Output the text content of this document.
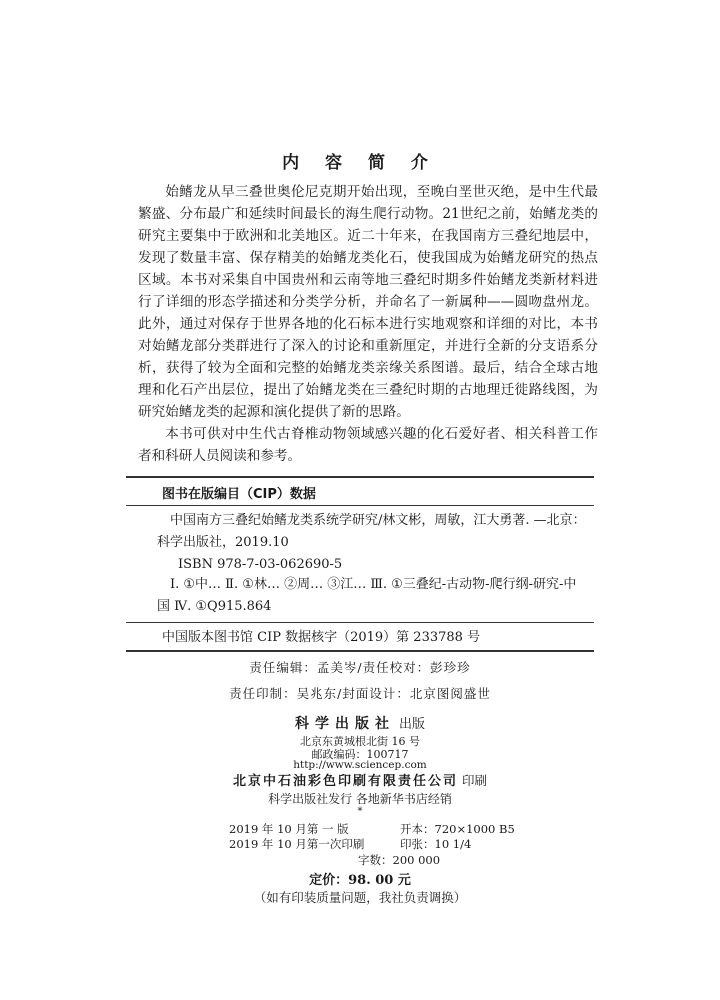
内 容 简 介

始鳍龙从早三叠世奥伦尼克期开始出现，至晚白垩世灭绝，是中生代最繁盛、分布最广和延续时间最长的海生爬行动物。21世纪之前，始鳍龙类的研究主要集中于欧洲和北美地区。近二十年来，在我国南方三叠纪地层中，发现了数量丰富、保存精美的始鳍龙类化石，使我国成为始鳍龙研究的热点区域。本书对采集自中国贵州和云南等地三叠纪时期多件始鳍龙类新材料进行了详细的形态学描述和分类学分析，并命名了一新属种——圆吻盘州龙。此外，通过对保存于世界各地的化石标本进行实地观察和详细的对比，本书对始鳍龙部分类群进行了深入的讨论和重新厘定，并进行全新的分支语系分析，获得了较为全面和完整的始鳍龙类亲缘关系图谱。最后，结合全球古地理和化石产出层位，提出了始鳍龙类在三叠纪时期的古地理迁徙路线图，为研究始鳍龙类的起源和演化提供了新的思路。

本书可供对中生代古脊椎动物领域感兴趣的化石爱好者、相关科普工作者和科研人员阅读和参考。

图书在版编目（CIP）数据

中国南方三叠纪始鳍龙类系统学研究/林文彬，周敏，江大勇著. —北京：科学出版社，2019.10

ISBN 978-7-03-062690-5

Ⅰ. ①中… Ⅱ. ①林… ②周… ③江… Ⅲ. ①三叠纪-古动物-爬行纲-研究-中国 Ⅳ. ①Q915.864

中国版本图书馆 CIP 数据核字（2019）第 233788 号
责任编辑：孟美岑/责任校对：彭珍珍
责任印制：吴兆东/封面设计：北京图阅盛世
科学出版社 出版
北京东黄城根北街 16 号
邮政编码：100717
http://www.sciencep.com
北京中石油彩色印刷有限责任公司 印刷
科学出版社发行 各地新华书店经销
*
2019 年 10 月第 一 版	开本：720×1000 B5
2019 年 10 月第一次印刷	印张：10 1/4
字数：200 000
定价：98. 00 元
（如有印装质量问题，我社负责调换）
